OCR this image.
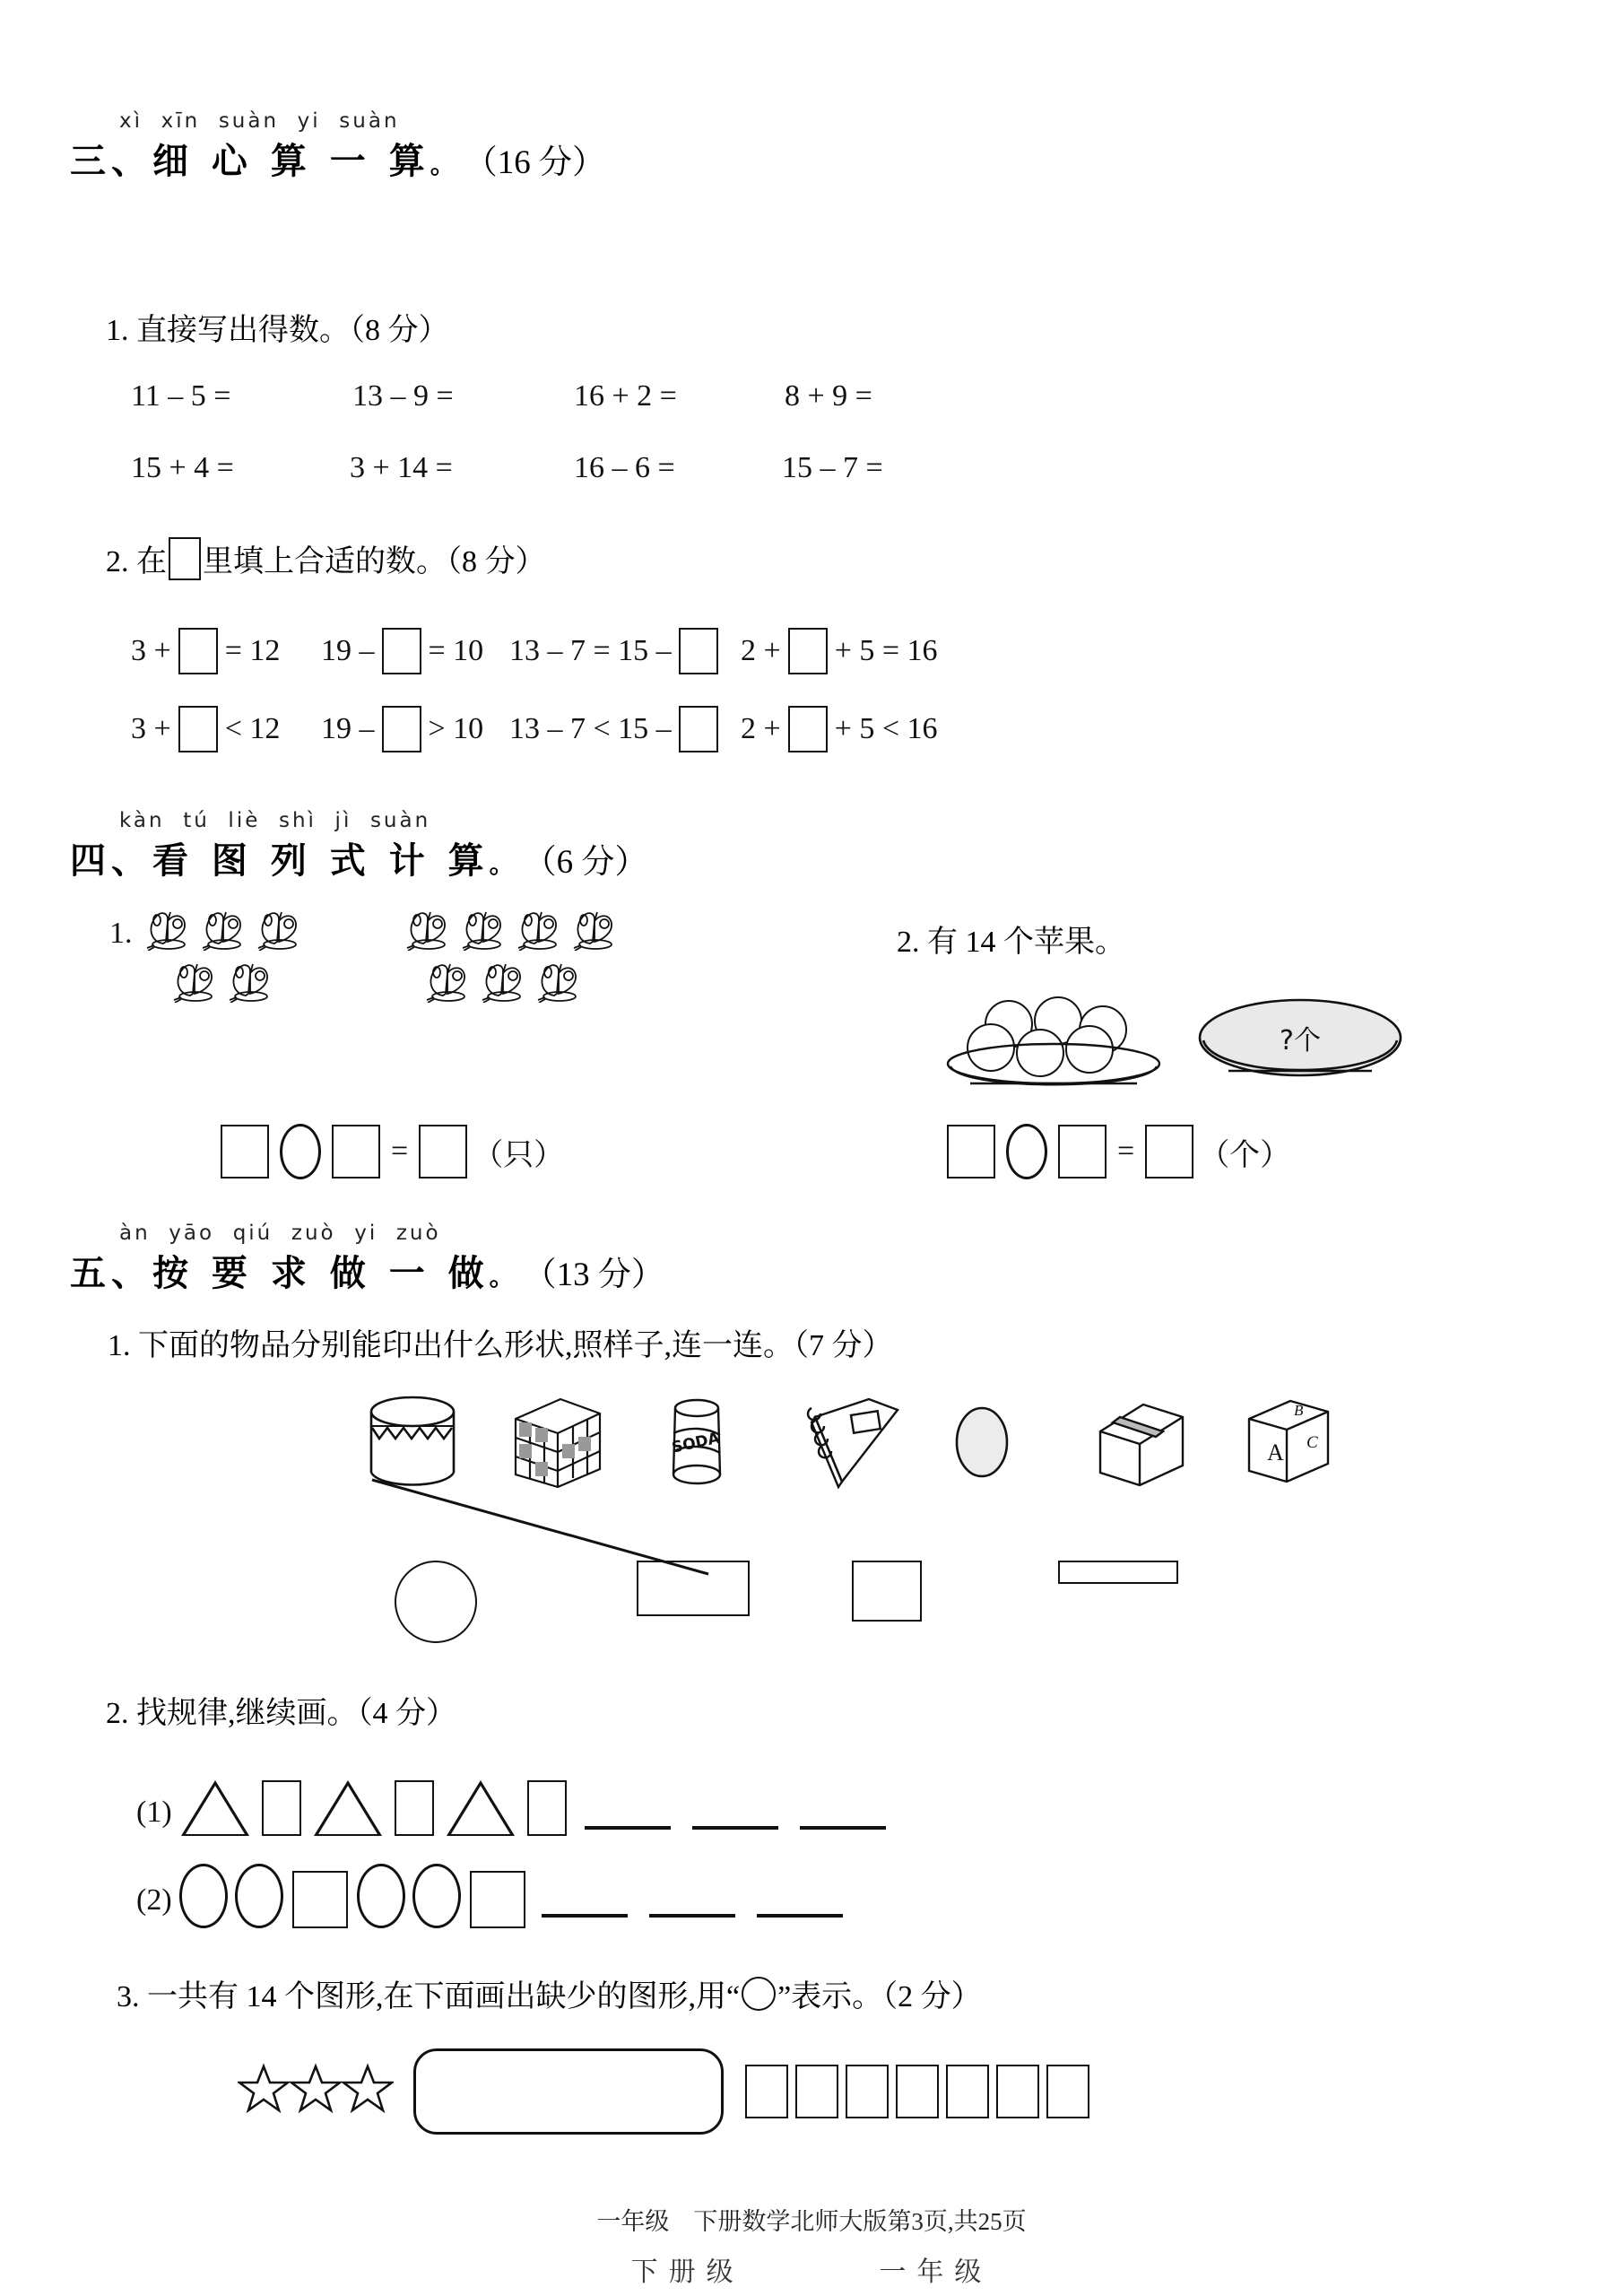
xì  xīn  suàn  yi  suàn
三、 细 心 算 一 算 。 （16 分）
1. 直接写出得数。（8 分）
11 – 5 =	13 – 9 =	16 + 2 =	8 + 9 =
15 + 4 =	3 + 14 =	16 – 6 =	15 – 7 =
2. 在 里填上合适的数。（8 分）
3 + = 12 19 – = 10 13 – 7 = 15 – 2 + + 5 = 16
3 + < 12 19 – > 10 13 – 7 < 15 – 2 + + 5 < 16
kàn  tú  liè  shì  jì  suàn
四、 看 图 列 式 计 算 。 （6 分）
1.	2. 有 14 个苹果。
?个
= （只）	= （个）
àn  yāo  qiú  zuò  yi  zuò
五、 按 要 求 做 一 做 。 （13 分）
1. 下面的物品分别能印出什么形状,照样子,连一连。（7 分）
SODA	A
B
C
2. 找规律,继续画。（4 分）
(1)
(2)
3. 一共有 14 个图形,在下面画出缺少的图形,用“ ”表示。（2 分）
一年级    下册数学北师大版第3页,共25页
下册级       一年级
